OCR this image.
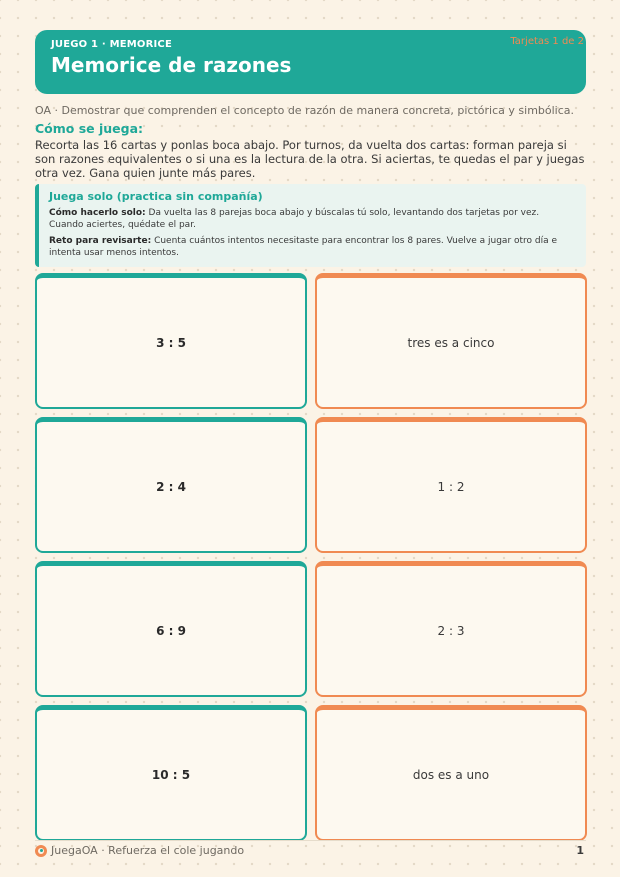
JUEGO 1 · MEMORICE
Memorice de razones
Tarjetas 1 de 2
OA · Demostrar que comprenden el concepto de razón de manera concreta, pictórica y simbólica.
Cómo se juega:
Recorta las 16 cartas y ponlas boca abajo. Por turnos, da vuelta dos cartas: forman pareja si son razones equivalentes o si una es la lectura de la otra. Si aciertas, te quedas el par y juegas otra vez. Gana quien junte más pares.
Juega solo (practica sin compañía)
Cómo hacerlo solo: Da vuelta las 8 parejas boca abajo y búscalas tú solo, levantando dos tarjetas por vez. Cuando aciertes, quédate el par.
Reto para revisarte: Cuenta cuántos intentos necesitaste para encontrar los 8 pares. Vuelve a jugar otro día e intenta usar menos intentos.
3 : 5	tres es a cinco
2 : 4	1 : 2
6 : 9	2 : 3
10 : 5	dos es a uno
JuegaOA · Refuerza el cole jugando	1
